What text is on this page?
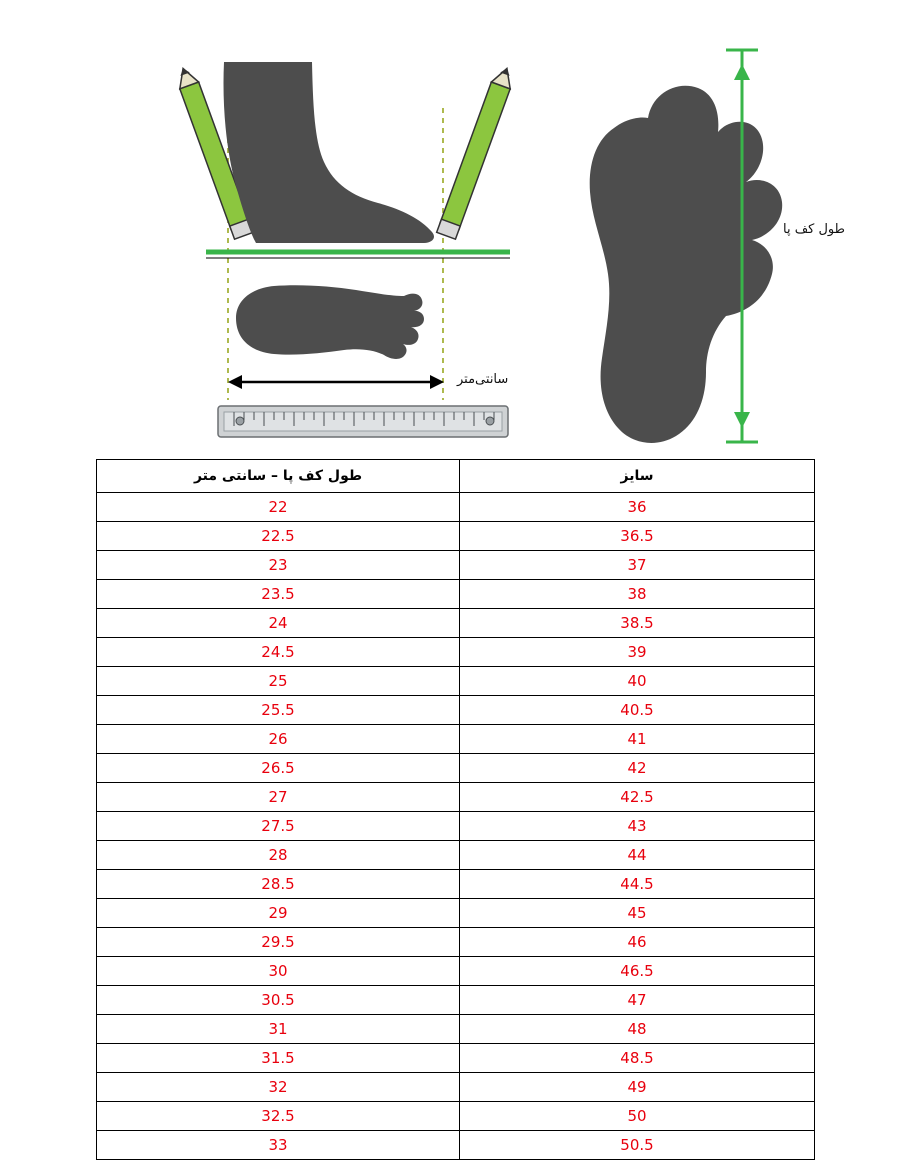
طول کف پا
سانتی‌متر
طول کف پا – سانتی متر	سایز
22	36
22.5	36.5
23	37
23.5	38
24	38.5
24.5	39
25	40
25.5	40.5
26	41
26.5	42
27	42.5
27.5	43
28	44
28.5	44.5
29	45
29.5	46
30	46.5
30.5	47
31	48
31.5	48.5
32	49
32.5	50
33	50.5
